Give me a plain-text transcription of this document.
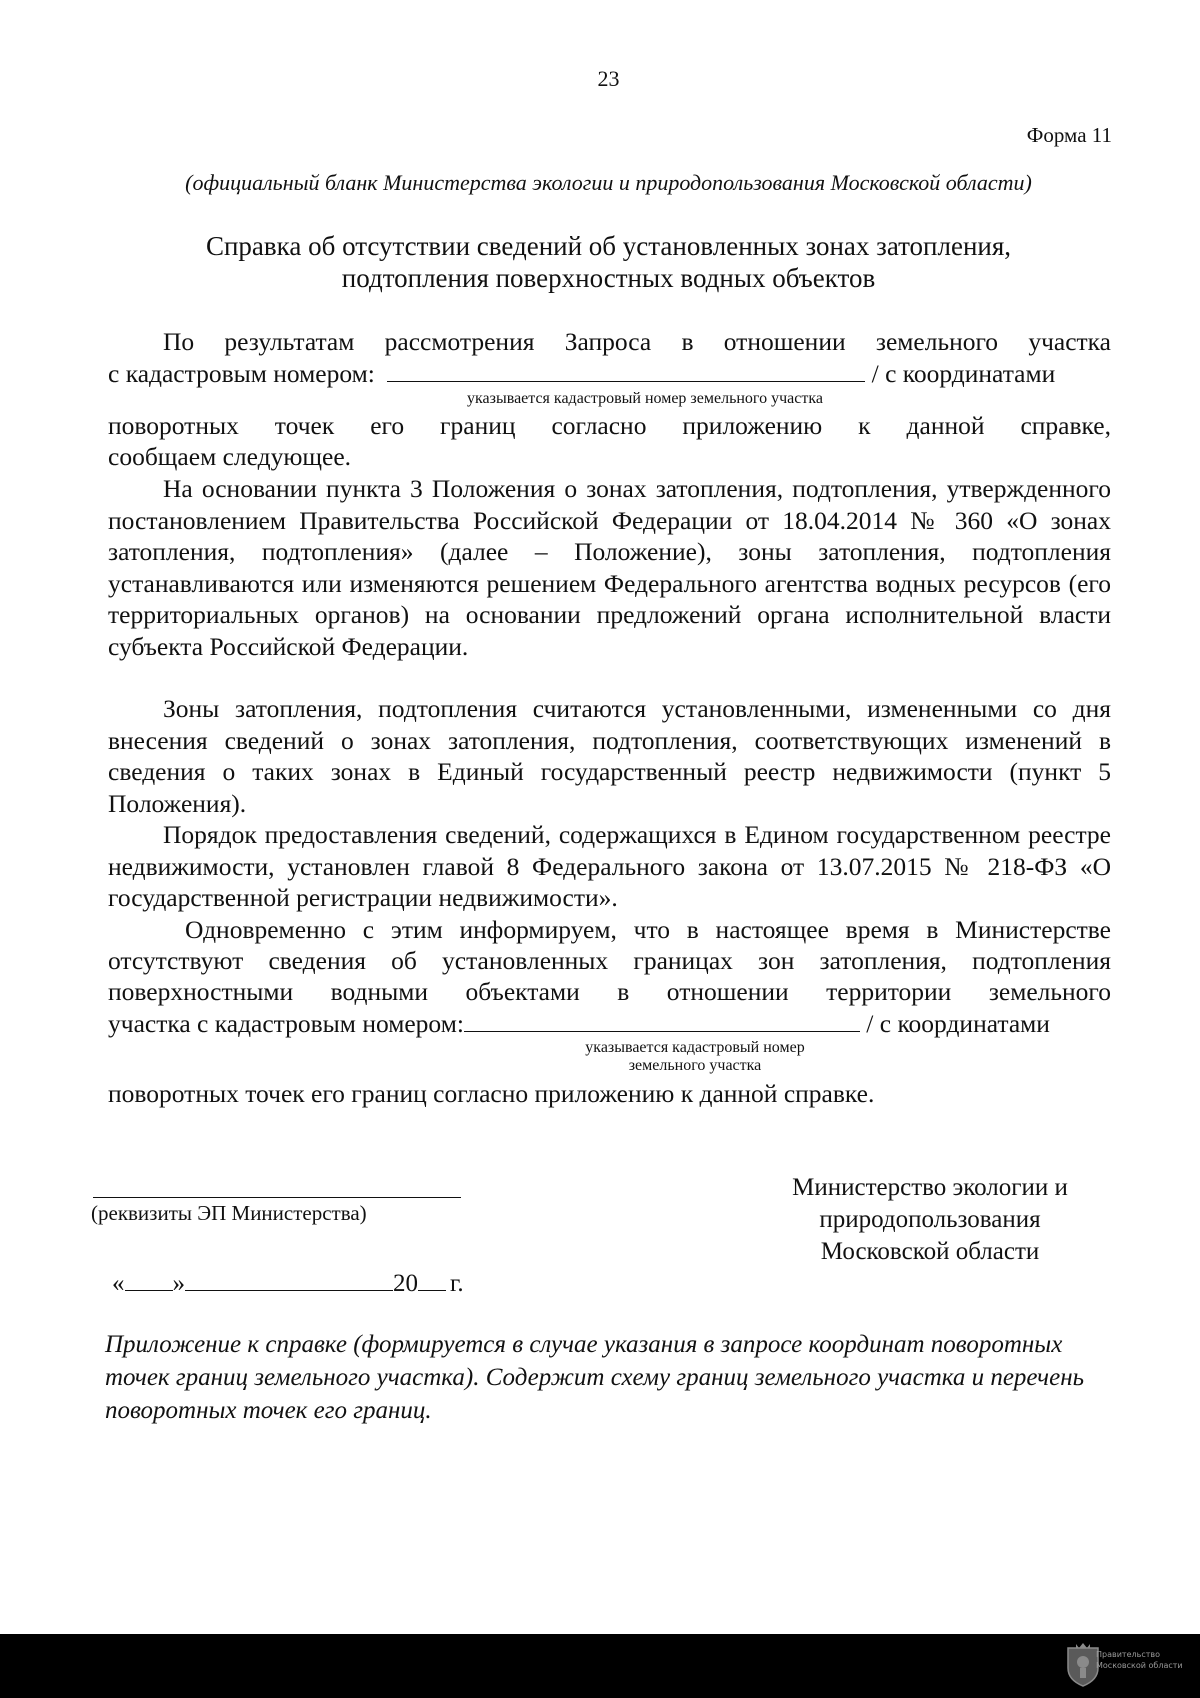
23
Форма 11
(официальный бланк Министерства экологии и природопользования Московской области)
Справка об отсутствии сведений об установленных зонах затопления,
подтопления поверхностных водных объектов
По результатам рассмотрения Запроса в отношении земельного участка
с кадастровым номером:	/ с координатами
указывается кадастровый номер земельного участка
поворотных точек его границ согласно приложению к данной справке,
сообщаем следующее.
На основании пункта 3 Положения о зонах затопления, подтопления, утвержденного постановлением Правительства Российской Федерации от 18.04.2014 № 360 «О зонах затопления, подтопления» (далее – Положение), зоны затопления, подтопления устанавливаются или изменяются решением Федерального агентства водных ресурсов (его территориальных органов) на основании предложений органа исполнительной власти субъекта Российской Федерации.
Зоны затопления, подтопления считаются установленными, измененными со дня внесения сведений о зонах затопления, подтопления, соответствующих изменений в сведения о таких зонах в Единый государственный реестр недвижимости (пункт 5 Положения).
Порядок предоставления сведений, содержащихся в Едином государственном реестре недвижимости, установлен главой 8 Федерального закона от 13.07.2015 № 218-ФЗ «О государственной регистрации недвижимости».
Одновременно с этим информируем, что в настоящее время в Министерстве
отсутствуют сведения об установленных границах зон затопления, подтопления
поверхностными водными объектами в отношении территории земельного
участка с кадастровым номером:	/ с координатами
указывается кадастровый номер
земельного участка
поворотных точек его границ согласно приложению к данной справке.
(реквизиты ЭП Министерства)
Министерство экологии и
природопользования
Московской области
« »	20 г.
Приложение к справке (формируется в случае указания в запросе координат поворотных точек границ земельного участка). Содержит схему границ земельного участка и перечень поворотных точек его границ.
Правительство
Московской области
